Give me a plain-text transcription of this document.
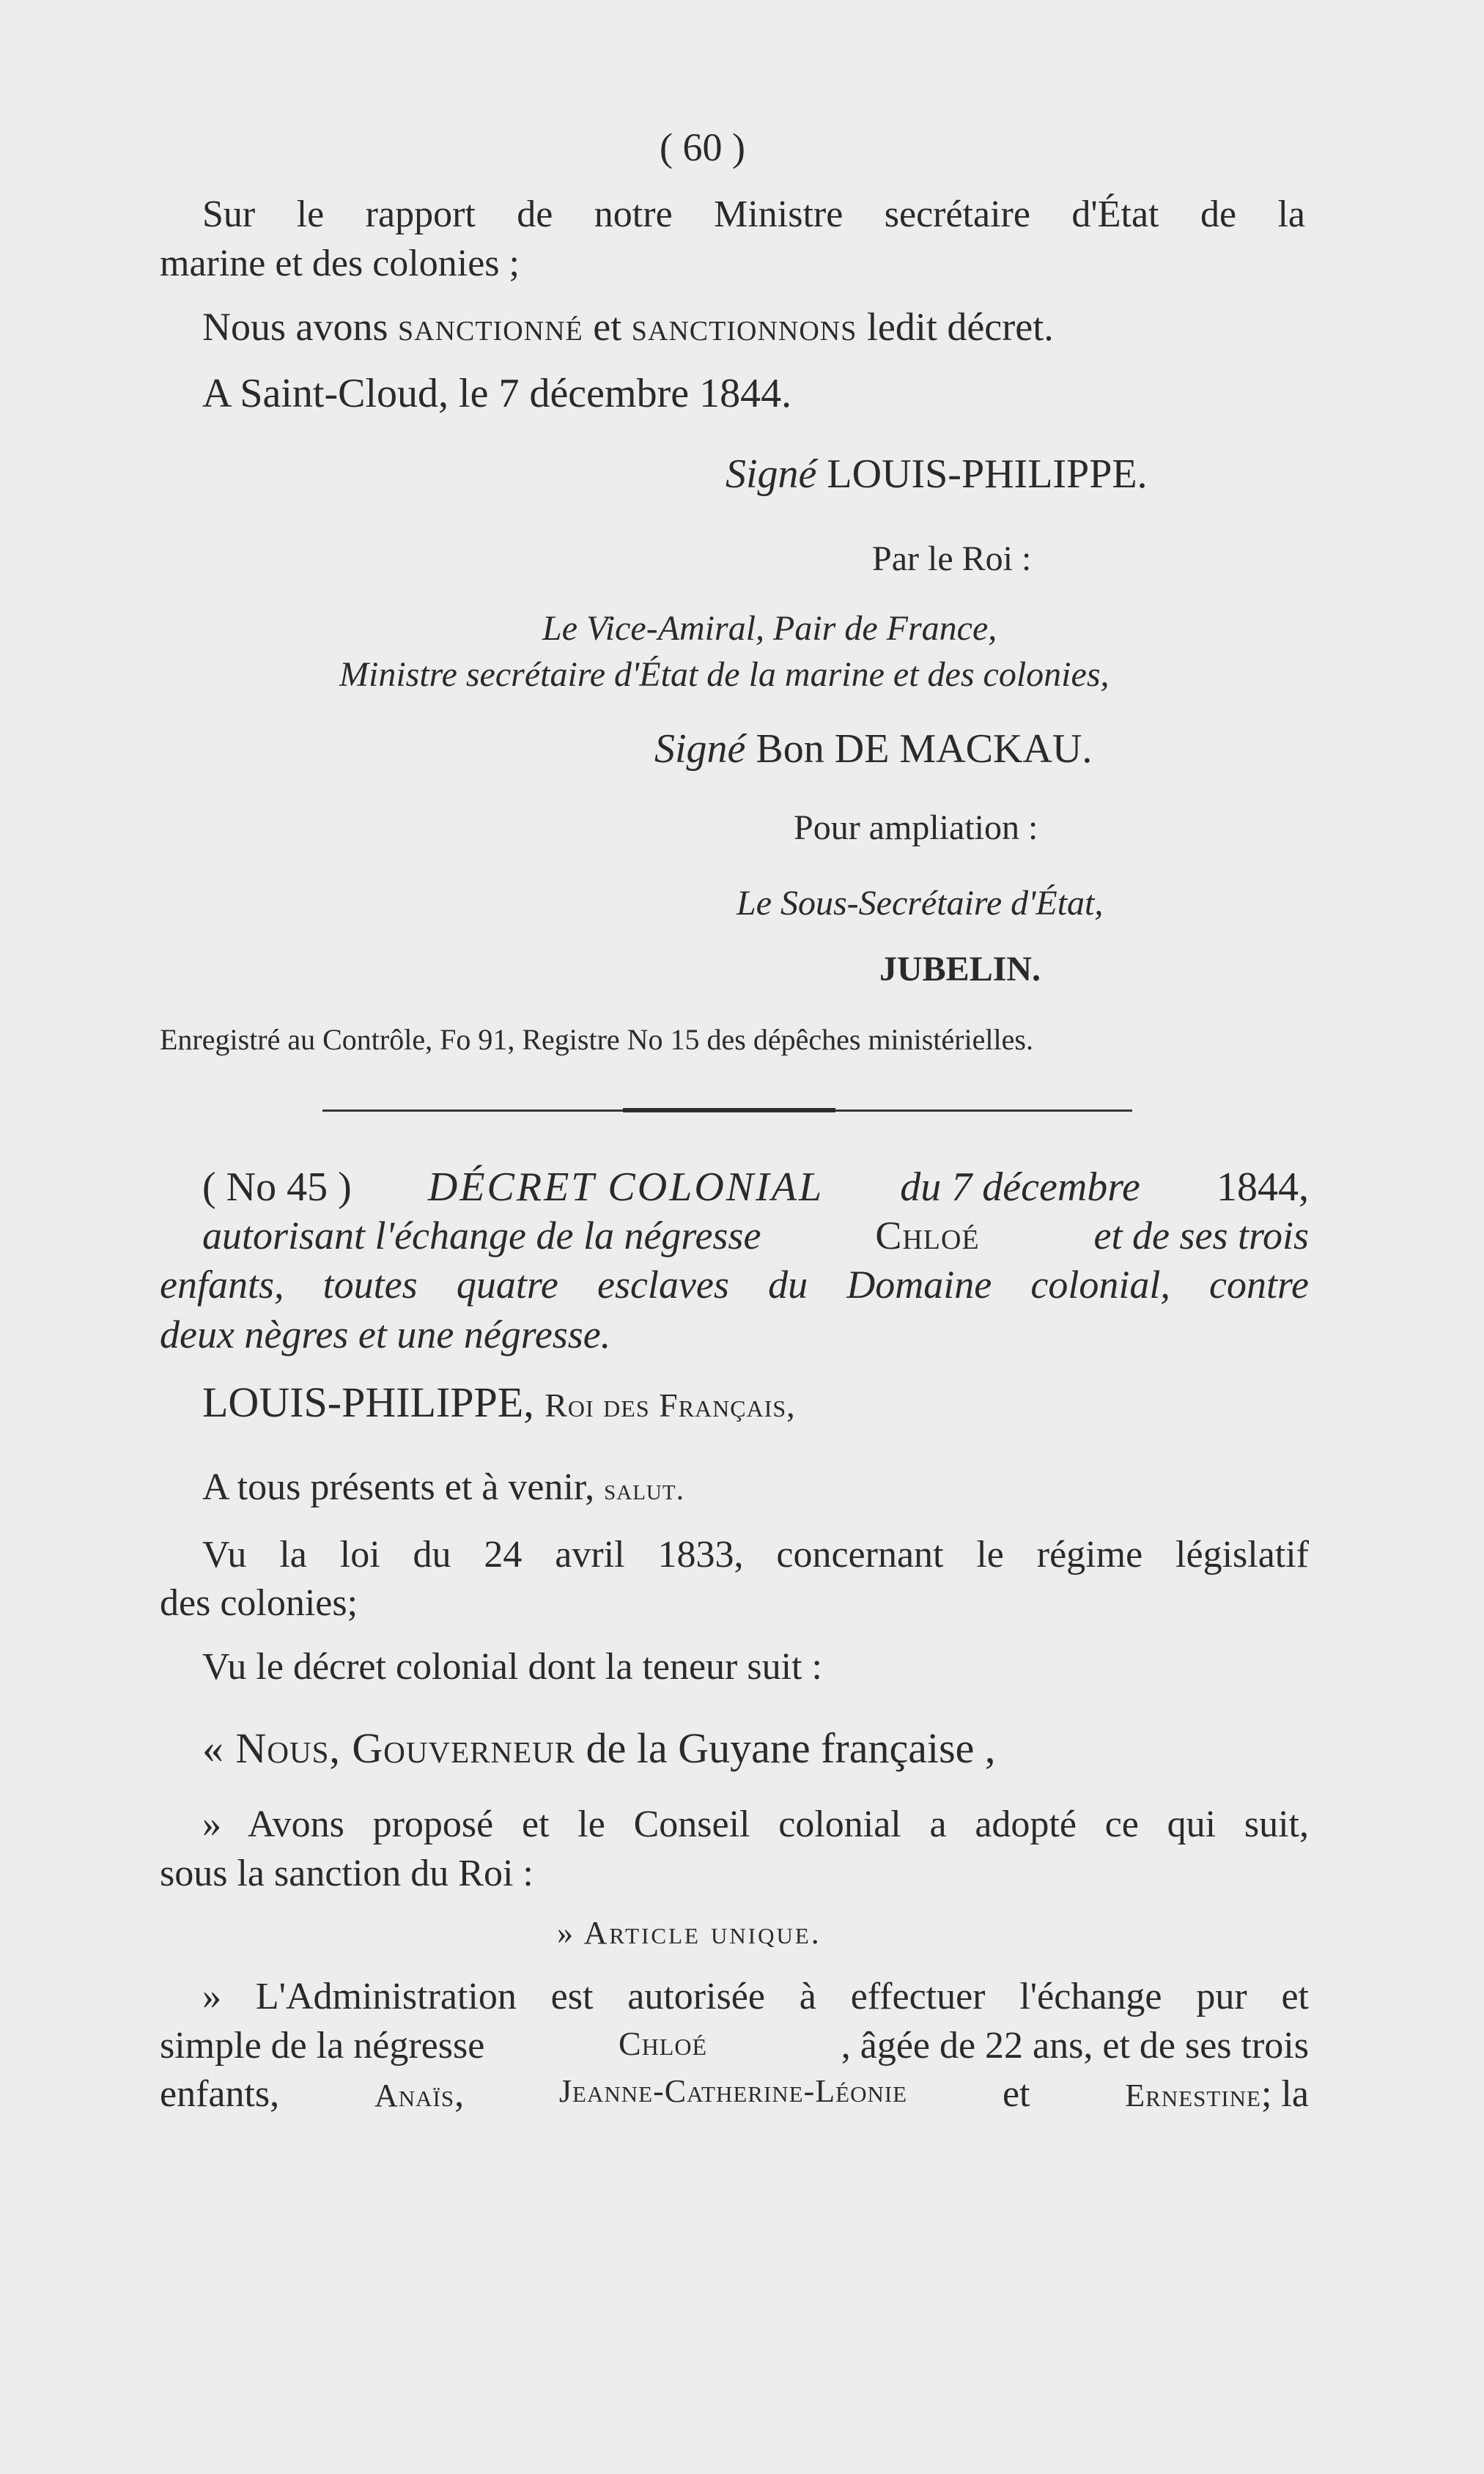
( 60 )
Sur le rapport de notre Ministre secrétaire d'État de la
marine et des colonies ;
Nous avons sanctionné et sanctionnons ledit décret.
A Saint-Cloud, le 7 décembre 1844.
Signé LOUIS-PHILIPPE.
Par le Roi :
Le Vice-Amiral, Pair de France,
Ministre secrétaire d'État de la marine et des colonies,
Signé Bon DE MACKAU.
Pour ampliation :
Le Sous-Secrétaire d'État,
JUBELIN.
Enregistré au Contrôle, Fo 91, Registre No 15 des dépêches ministérielles.
( No 45 ) DÉCRET COLONIAL du 7 décembre 1844,
autorisant l'échange de la négresse	Chloé	et de ses trois
enfants, toutes quatre esclaves du Domaine colonial, contre
deux nègres et une négresse.
LOUIS-PHILIPPE, Roi des Français,
A tous présents et à venir, salut.
Vu la loi du 24 avril 1833, concernant le régime législatif
des colonies;
Vu le décret colonial dont la teneur suit :
« Nous, Gouverneur de la Guyane française ,
» Avons proposé et le Conseil colonial a adopté ce qui suit,
sous la sanction du Roi :
» Article unique.
» L'Administration est autorisée à effectuer l'échange pur et
simple de la négresse	Chloé	, âgée de 22 ans, et de ses trois
enfants,	Anaïs,	Jeanne-Catherine-Léonie et	Ernestine; la
